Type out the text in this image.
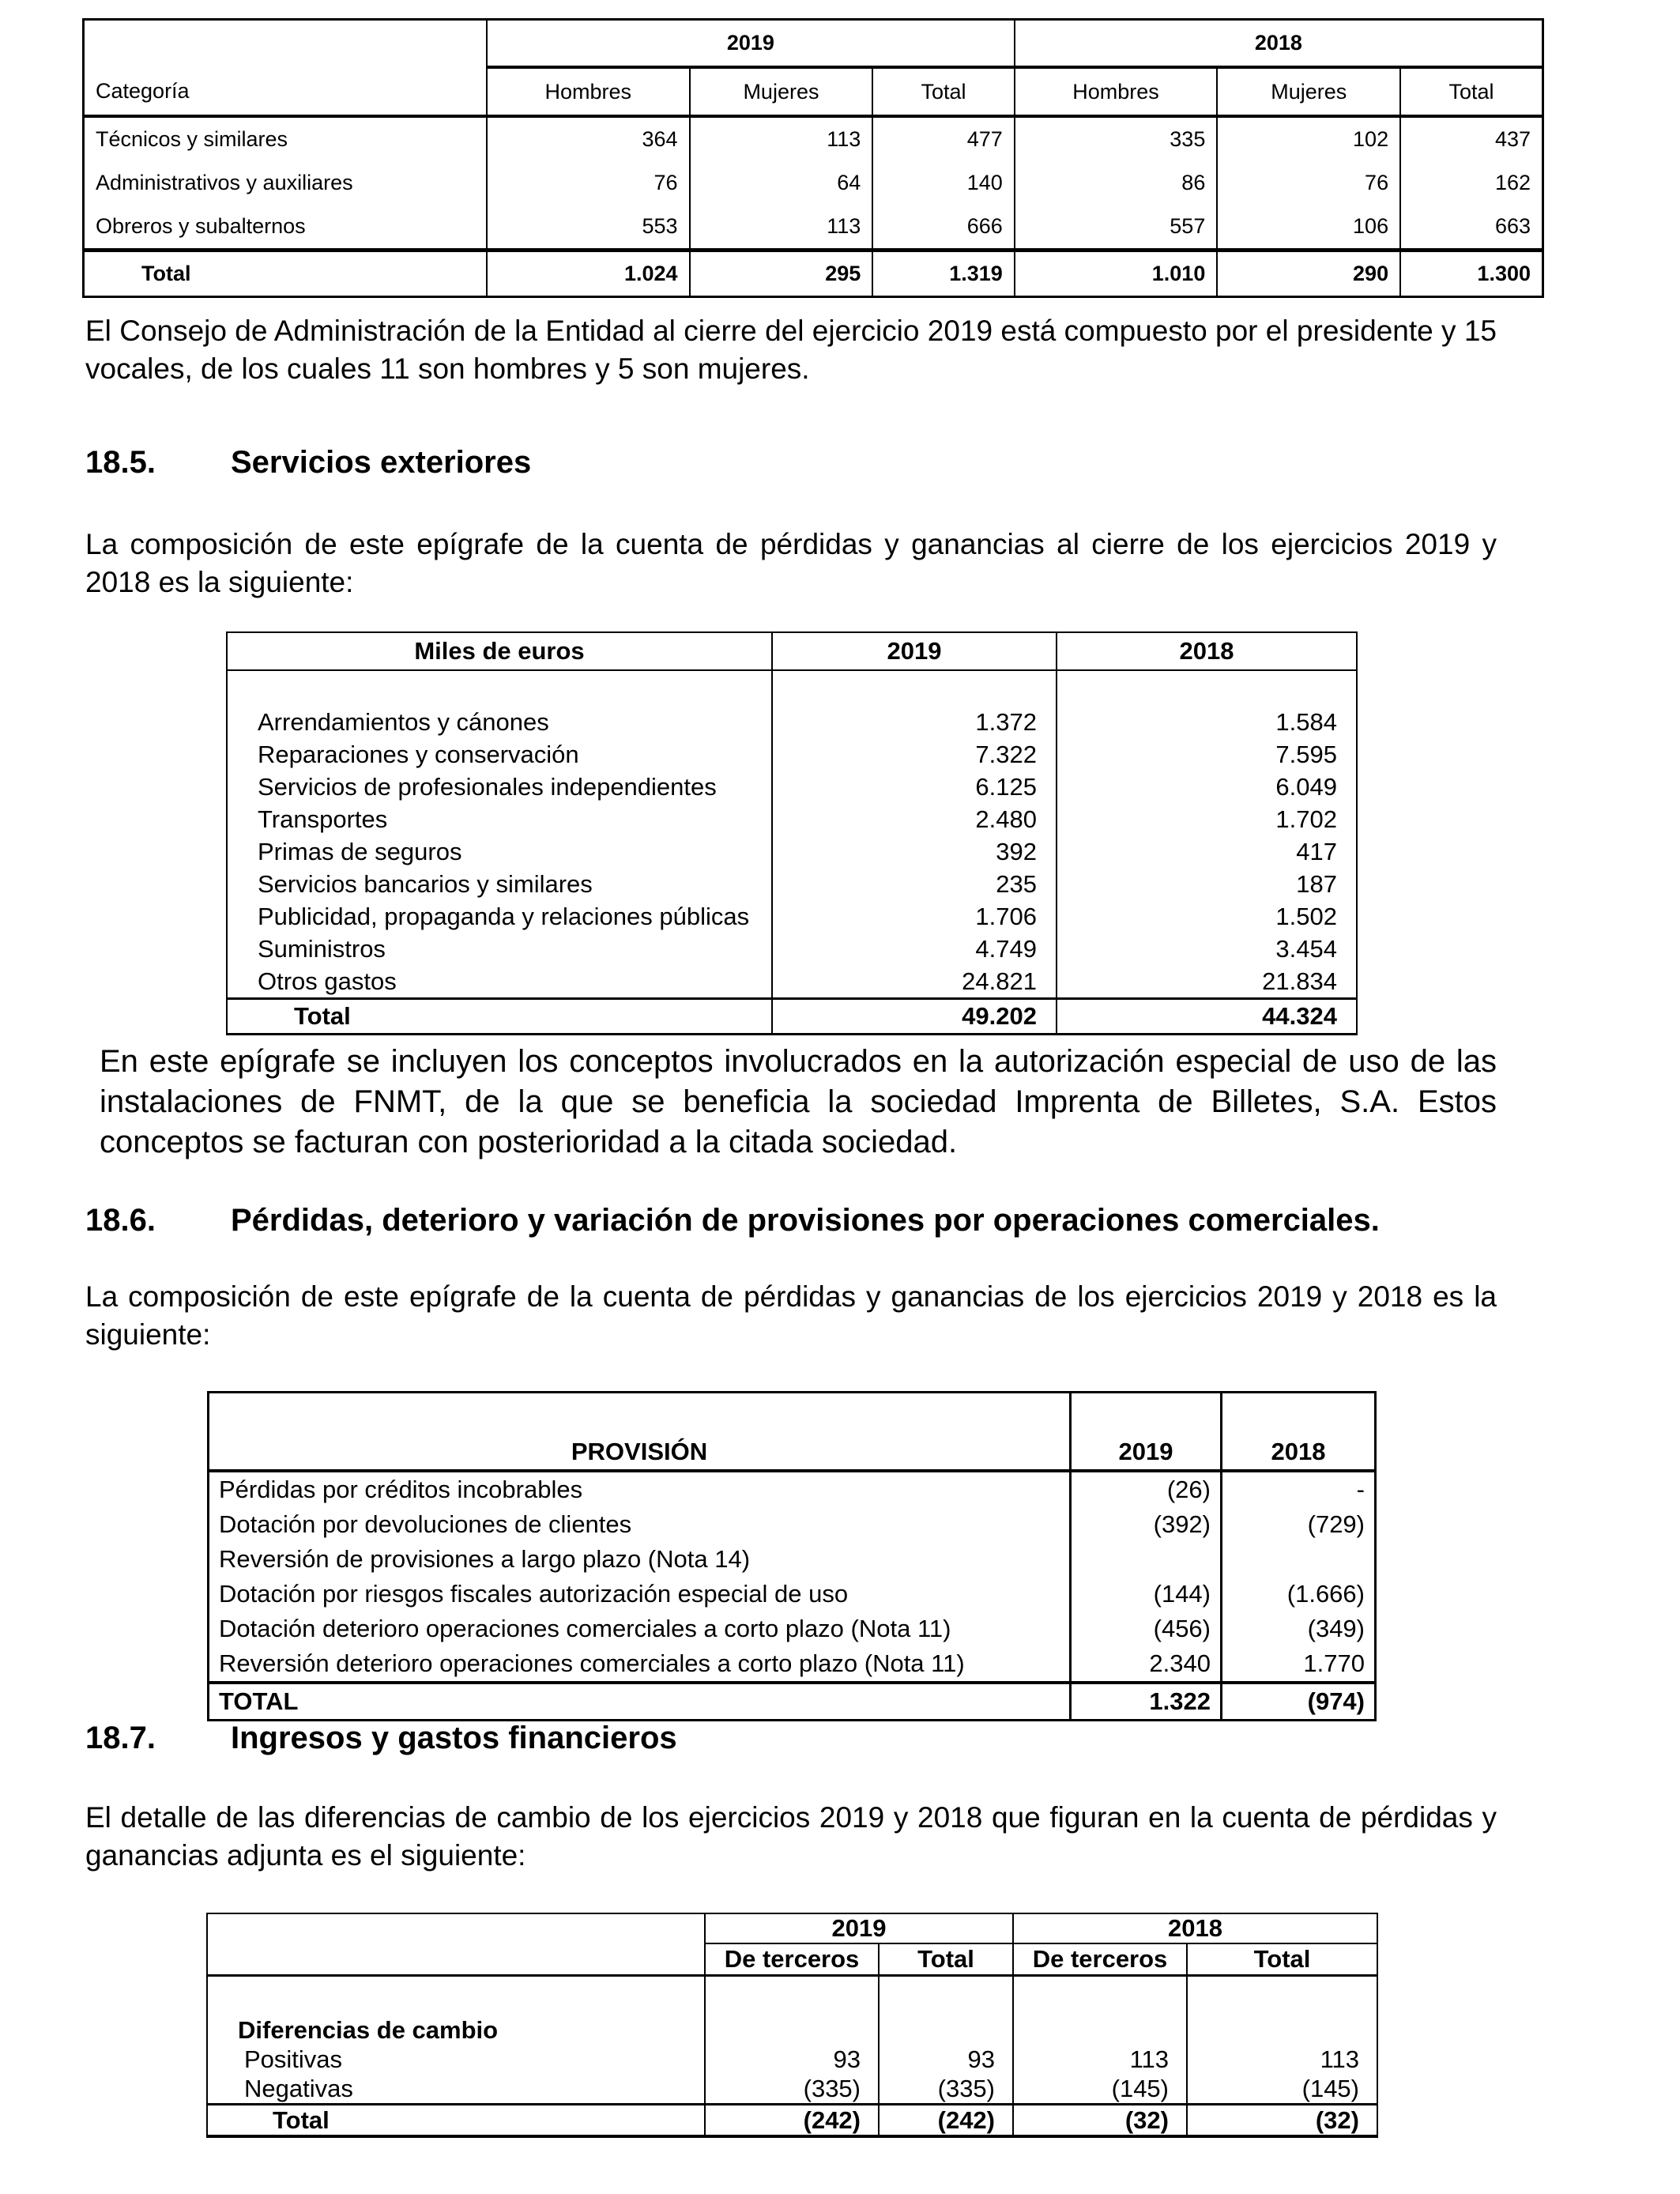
Categoría	2019			2018		
	Hombres	Mujeres	Total	Hombres	Mujeres	Total
Técnicos y similares	364	113	477	335	102	437
Administrativos y auxiliares	76	64	140	86	76	162
Obreros y subalternos	553	113	666	557	106	663
Total	1.024	295	1.319	1.010	290	1.300

El Consejo de Administración de la Entidad al cierre del ejercicio 2019 está compuesto por el presidente y 15 vocales, de los cuales 11 son hombres y 5 son mujeres.

18.5.	Servicios exteriores

La composición de este epígrafe de la cuenta de pérdidas y ganancias al cierre de los ejercicios 2019 y 2018 es la siguiente:

Miles de euros	2019	2018

Arrendamientos y cánones	1.372	1.584
Reparaciones y conservación	7.322	7.595
Servicios de profesionales independientes	6.125	6.049
Transportes	2.480	1.702
Primas de seguros	392	417
Servicios bancarios y similares	235	187
Publicidad, propaganda y relaciones públicas	1.706	1.502
Suministros	4.749	3.454
Otros gastos	24.821	21.834
Total	49.202	44.324

En este epígrafe se incluyen los conceptos involucrados en la autorización especial de uso de las instalaciones de FNMT, de la que se beneficia la sociedad Imprenta de Billetes, S.A. Estos conceptos se facturan con posterioridad a la citada sociedad.

18.6.	Pérdidas, deterioro y variación de provisiones por operaciones comerciales.

La composición de este epígrafe de la cuenta de pérdidas y ganancias de los ejercicios 2019 y 2018 es la siguiente:

PROVISIÓN	2019	2018
Pérdidas por créditos incobrables	(26)	-
Dotación por devoluciones de clientes	(392)	(729)
Reversión de provisiones a largo plazo (Nota 14)		
Dotación por riesgos fiscales autorización especial de uso	(144)	(1.666)
Dotación deterioro operaciones comerciales a corto plazo (Nota 11)	(456)	(349)
Reversión deterioro operaciones comerciales a corto plazo (Nota 11)	2.340	1.770
TOTAL	1.322	(974)
18.7.	Ingresos y gastos financieros

El detalle de las diferencias de cambio de los ejercicios 2019 y 2018 que figuran en la cuenta de pérdidas y ganancias adjunta es el siguiente:

	2019		2018	
	De terceros	Total	De terceros	Total

Diferencias de cambio				
Positivas	93	93	113	113
Negativas	(335)	(335)	(145)	(145)
Total	(242)	(242)	(32)	(32)
